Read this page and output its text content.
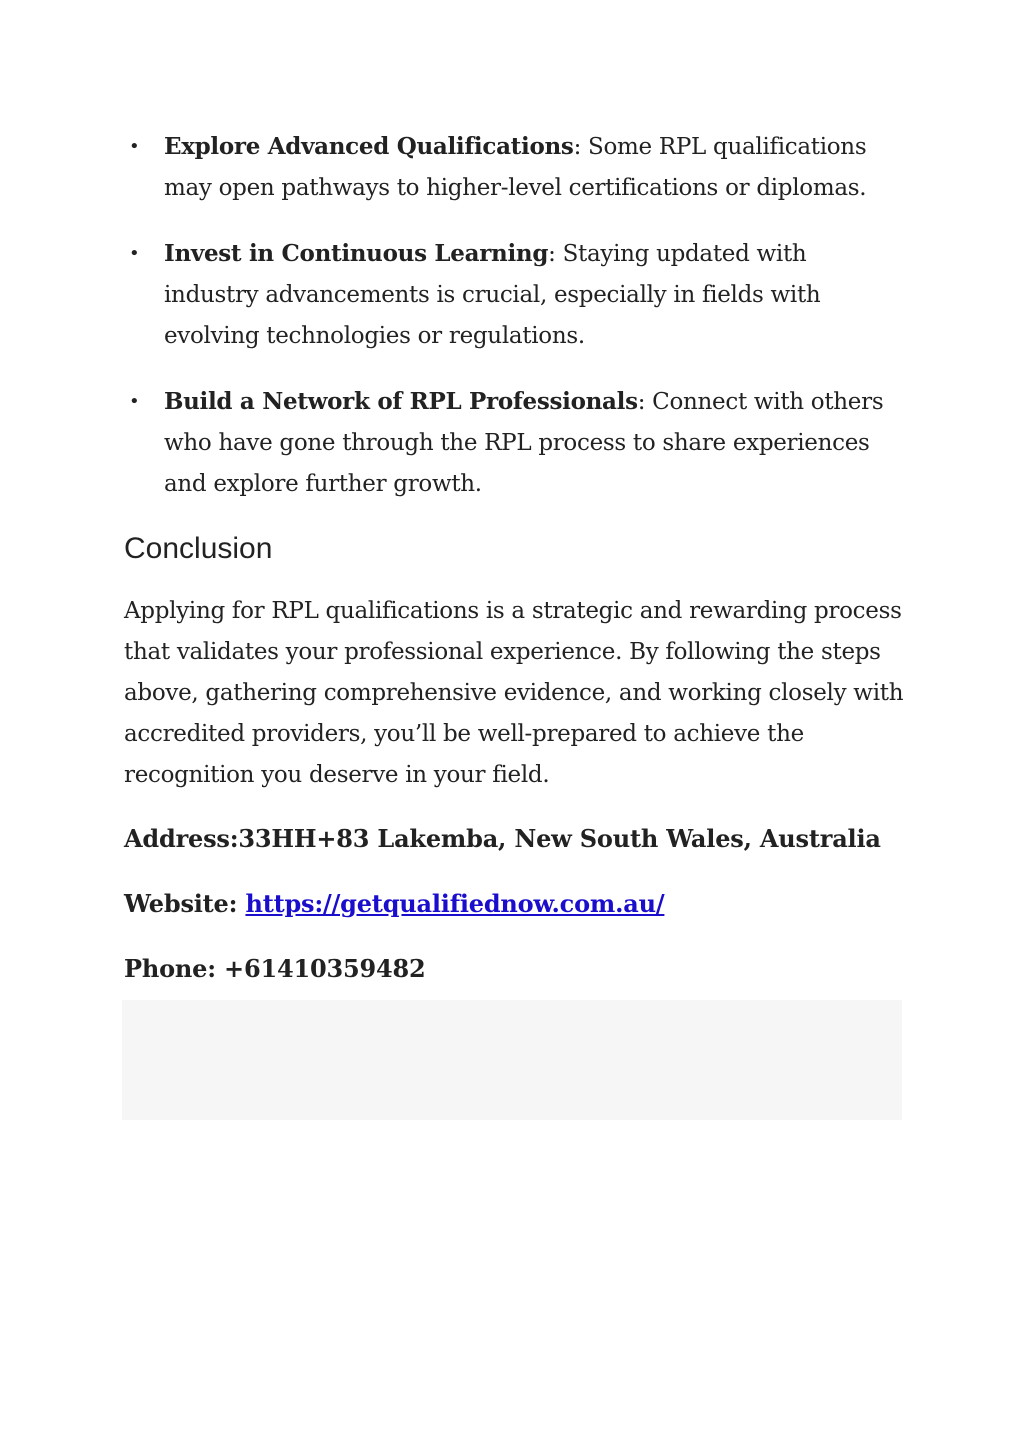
• Explore Advanced Qualifications: Some RPL qualifications may open pathways to higher-level certifications or diplomas.
• Invest in Continuous Learning: Staying updated with industry advancements is crucial, especially in fields with evolving technologies or regulations.
• Build a Network of RPL Professionals: Connect with others who have gone through the RPL process to share experiences and explore further growth.
Conclusion

Applying for RPL qualifications is a strategic and rewarding process that validates your professional experience. By following the steps above, gathering comprehensive evidence, and working closely with accredited providers, you’ll be well-prepared to achieve the recognition you deserve in your field.

Address:33HH+83 Lakemba, New South Wales, Australia

Website: https://getqualifiednow.com.au/

Phone: +61410359482
